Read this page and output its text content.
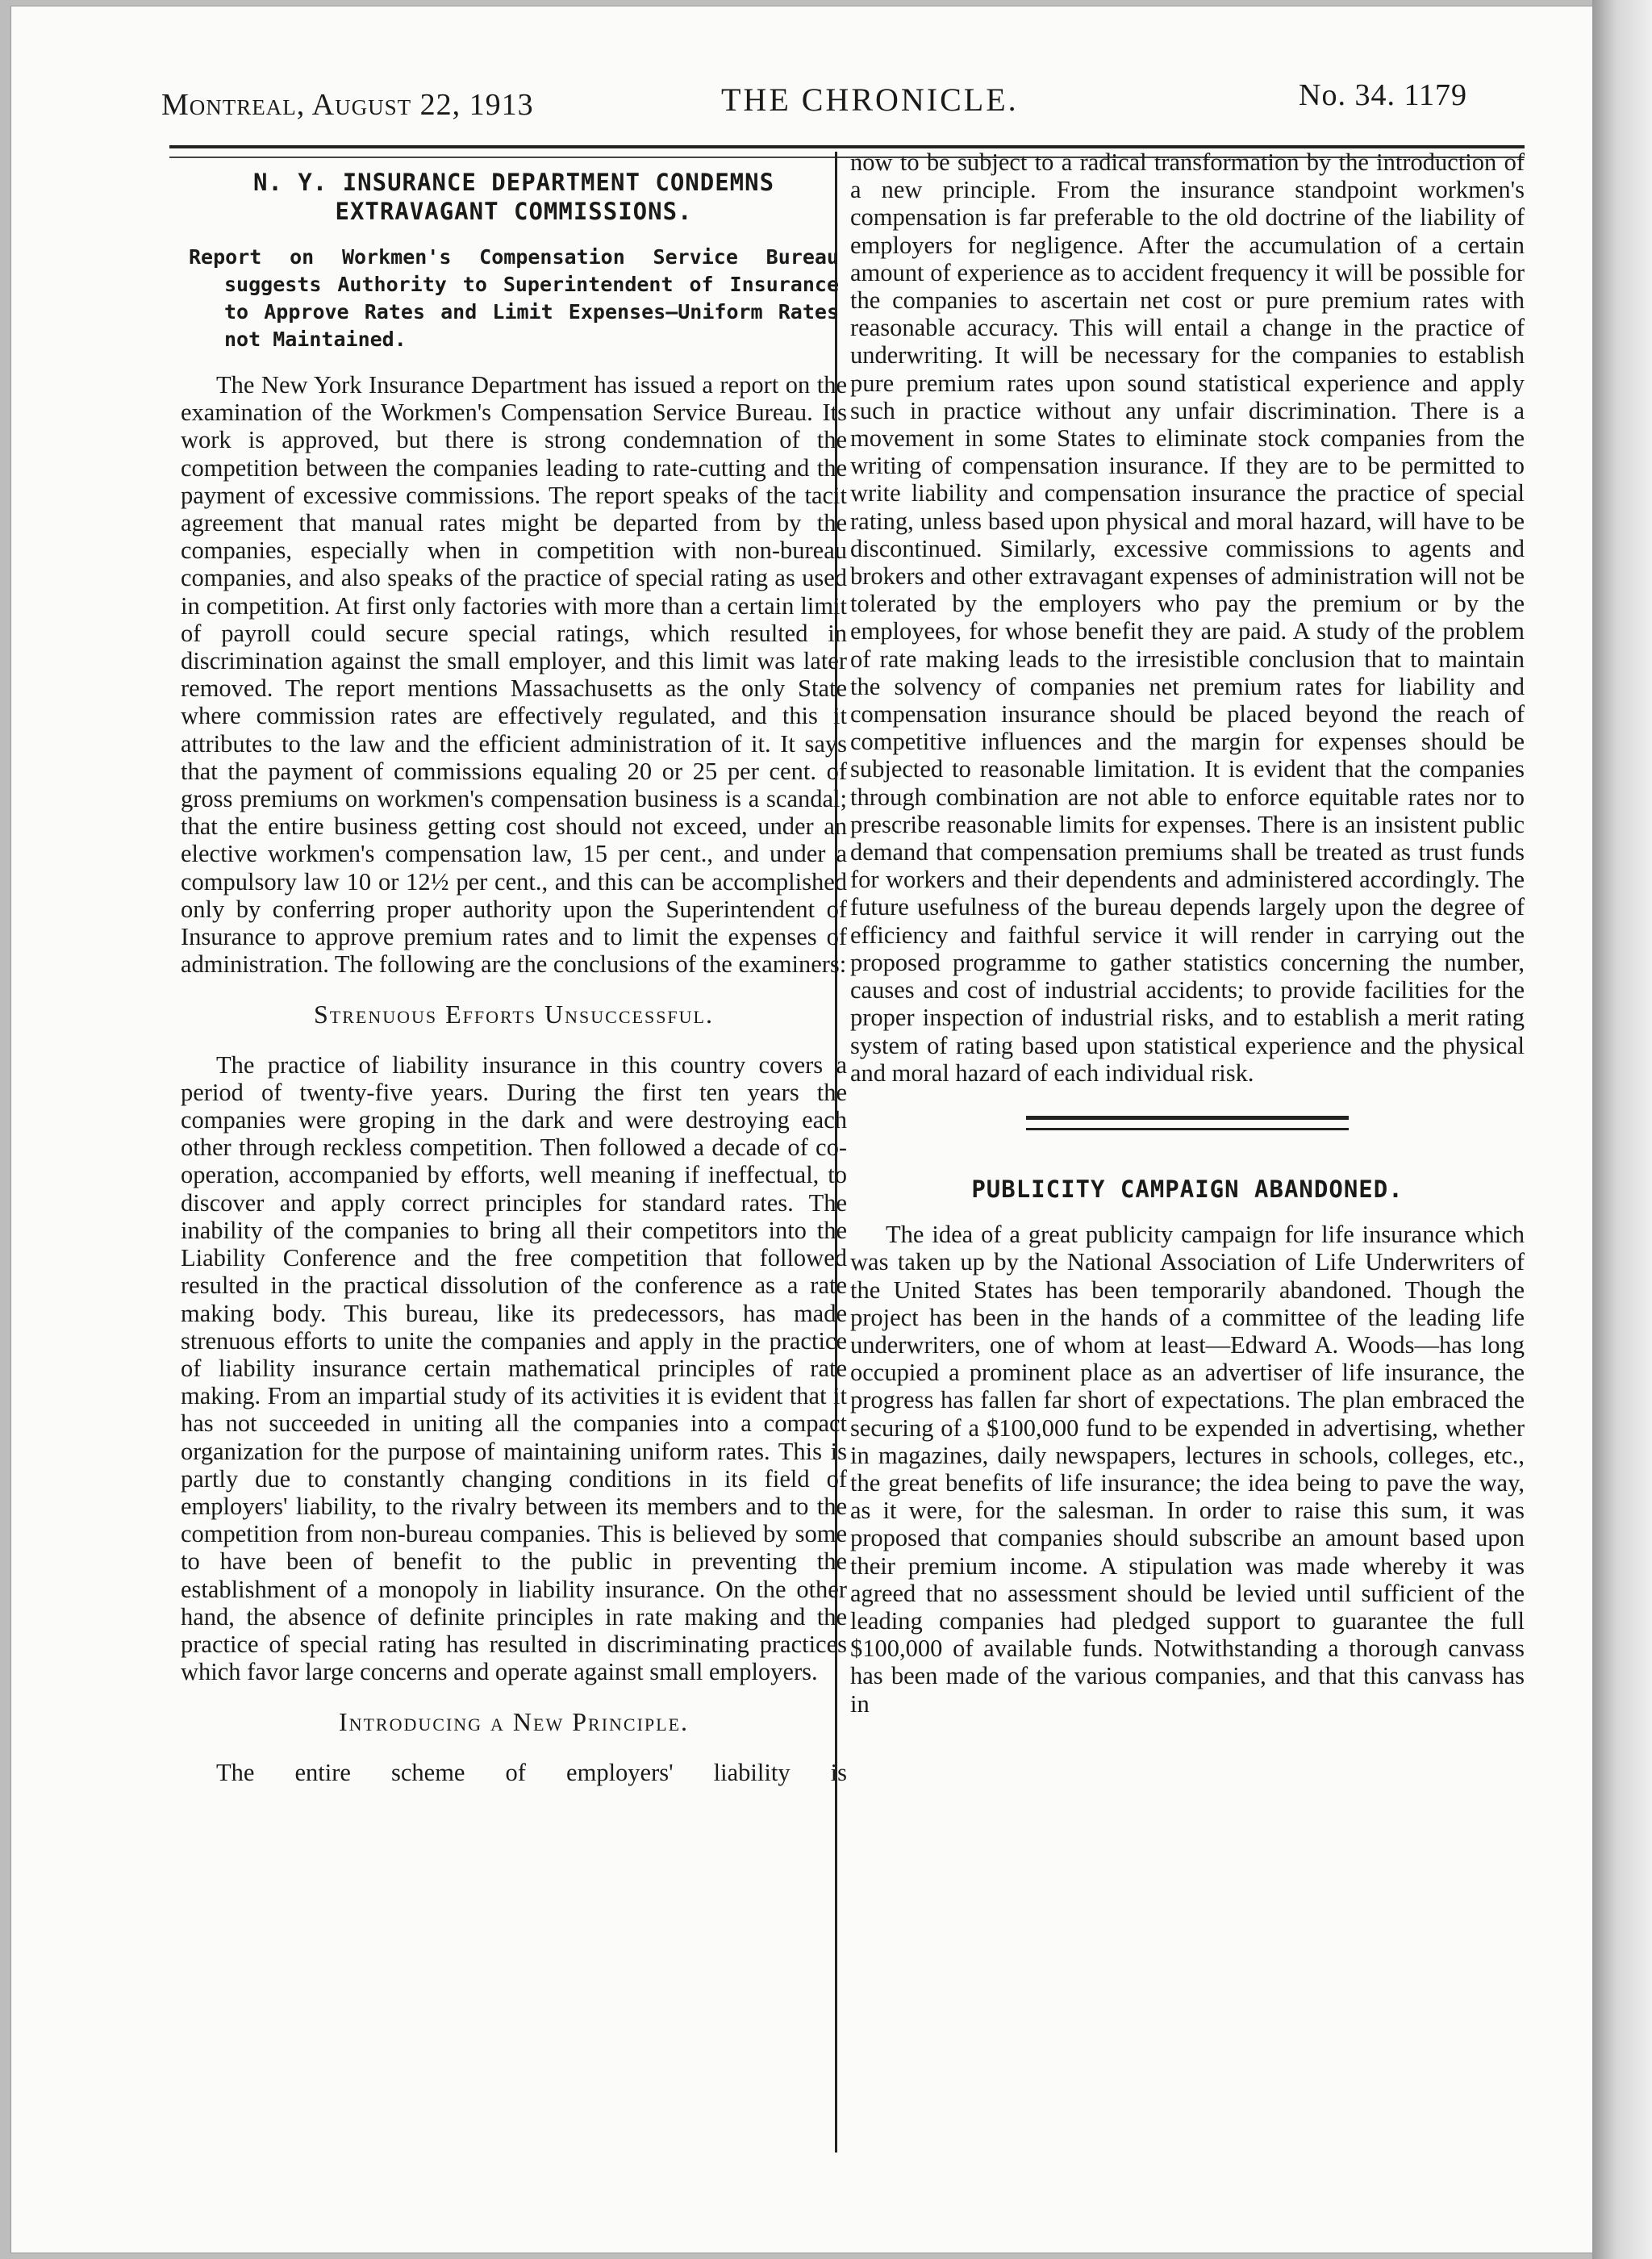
Montreal, August 22, 1913	THE CHRONICLE.	No. 34. 1179
N. Y. INSURANCE DEPARTMENT CONDEMNS EXTRAVAGANT COMMISSIONS.
Report on Workmen's Compensation Service Bureau suggests Authority to Superintendent of Insurance to Approve Rates and Limit Expenses—Uniform Rates not Maintained.

The New York Insurance Department has issued a report on the examination of the Workmen's Compensation Service Bureau. Its work is approved, but there is strong condemnation of the competition between the companies leading to rate-cutting and the payment of excessive commissions. The report speaks of the tacit agreement that manual rates might be departed from by the companies, especially when in competition with non-bureau companies, and also speaks of the practice of special rating as used in competition. At first only factories with more than a certain limit of payroll could secure special ratings, which resulted in discrimination against the small employer, and this limit was later removed. The report mentions Massachusetts as the only State where commission rates are effectively regulated, and this it attributes to the law and the efficient administration of it. It says that the payment of commissions equaling 20 or 25 per cent. of gross premiums on workmen's compensation business is a scandal; that the entire business getting cost should not exceed, under an elective workmen's compensation law, 15 per cent., and under a compulsory law 10 or 12½ per cent., and this can be accomplished only by conferring proper authority upon the Superintendent of Insurance to approve premium rates and to limit the expenses of administration. The following are the conclusions of the examiners:

Strenuous Efforts Unsuccessful.

The practice of liability insurance in this country covers a period of twenty-five years. During the first ten years the companies were groping in the dark and were destroying each other through reckless competition. Then followed a decade of co-operation, accompanied by efforts, well meaning if ineffectual, to discover and apply correct principles for standard rates. The inability of the companies to bring all their competitors into the Liability Conference and the free competition that followed resulted in the practical dissolution of the conference as a rate making body. This bureau, like its predecessors, has made strenuous efforts to unite the companies and apply in the practice of liability insurance certain mathematical principles of rate making. From an impartial study of its activities it is evident that it has not succeeded in uniting all the companies into a compact organization for the purpose of maintaining uniform rates. This is partly due to constantly changing conditions in its field of employers' liability, to the rivalry between its members and to the competition from non-bureau companies. This is believed by some to have been of benefit to the public in preventing the establishment of a monopoly in liability insurance. On the other hand, the absence of definite principles in rate making and the practice of special rating has resulted in discriminating practices which favor large concerns and operate against small employers.

Introducing a New Principle.

The entire scheme of employers' liability is

now to be subject to a radical transformation by the introduction of a new principle. From the insurance standpoint workmen's compensation is far preferable to the old doctrine of the liability of employers for negligence. After the accumulation of a certain amount of experience as to accident frequency it will be possible for the companies to ascertain net cost or pure premium rates with reasonable accuracy. This will entail a change in the practice of underwriting. It will be necessary for the companies to establish pure premium rates upon sound statistical experience and apply such in practice without any unfair discrimination. There is a movement in some States to eliminate stock companies from the writing of compensation insurance. If they are to be permitted to write liability and compensation insurance the practice of special rating, unless based upon physical and moral hazard, will have to be discontinued. Similarly, excessive commissions to agents and brokers and other extravagant expenses of administration will not be tolerated by the employers who pay the premium or by the employees, for whose benefit they are paid. A study of the problem of rate making leads to the irresistible conclusion that to maintain the solvency of companies net premium rates for liability and compensation insurance should be placed beyond the reach of competitive influences and the margin for expenses should be subjected to reasonable limitation. It is evident that the companies through combination are not able to enforce equitable rates nor to prescribe reasonable limits for expenses. There is an insistent public demand that compensation premiums shall be treated as trust funds for workers and their dependents and administered accordingly. The future usefulness of the bureau depends largely upon the degree of efficiency and faithful service it will render in carrying out the proposed programme to gather statistics concerning the number, causes and cost of industrial accidents; to provide facilities for the proper inspection of industrial risks, and to establish a merit rating system of rating based upon statistical experience and the physical and moral hazard of each individual risk.

PUBLICITY CAMPAIGN ABANDONED.

The idea of a great publicity campaign for life insurance which was taken up by the National Association of Life Underwriters of the United States has been temporarily abandoned. Though the project has been in the hands of a committee of the leading life underwriters, one of whom at least—Edward A. Woods—has long occupied a prominent place as an advertiser of life insurance, the progress has fallen far short of expectations. The plan embraced the securing of a $100,000 fund to be expended in advertising, whether in magazines, daily newspapers, lectures in schools, colleges, etc., the great benefits of life insurance; the idea being to pave the way, as it were, for the salesman. In order to raise this sum, it was proposed that companies should subscribe an amount based upon their premium income. A stipulation was made whereby it was agreed that no assessment should be levied until sufficient of the leading companies had pledged support to guarantee the full $100,000 of available funds. Notwithstanding a thorough canvass has been made of the various companies, and that this canvass has in
